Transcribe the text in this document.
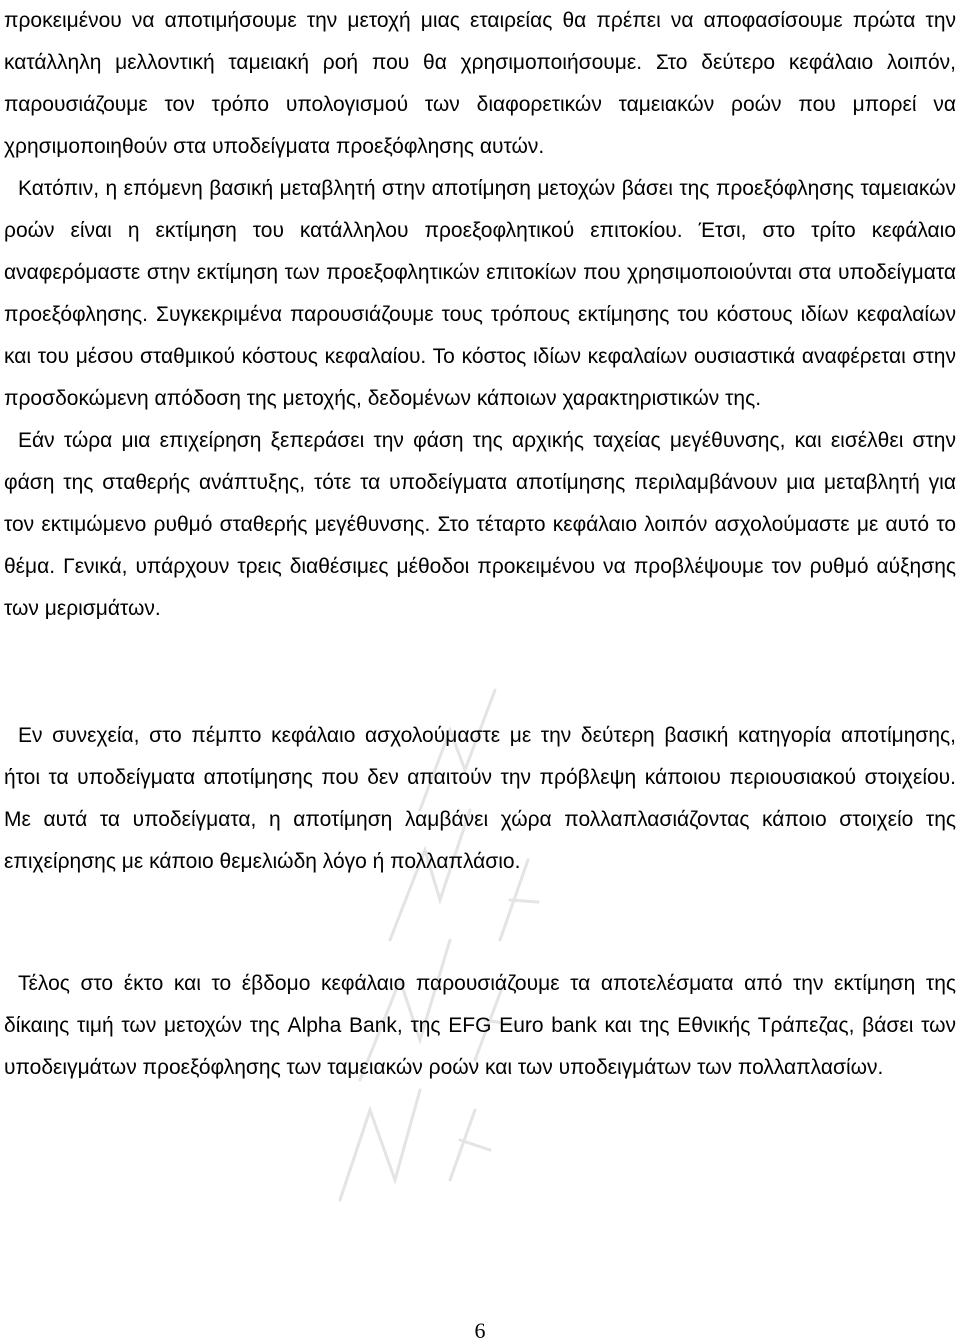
προκειμένου να αποτιμήσουμε την μετοχή μιας εταιρείας θα πρέπει να αποφασίσουμε πρώτα την κατάλληλη μελλοντική ταμειακή ροή που θα χρησιμοποιήσουμε. Στο δεύτερο κεφάλαιο λοιπόν, παρουσιάζουμε τον τρόπο υπολογισμού των διαφορετικών ταμειακών ροών που μπορεί να χρησιμοποιηθούν στα υποδείγματα προεξόφλησης αυτών.

Κατόπιν, η επόμενη βασική μεταβλητή στην αποτίμηση μετοχών βάσει της προεξόφλησης ταμειακών ροών είναι η εκτίμηση του κατάλληλου προεξοφλητικού επιτοκίου. Έτσι, στο τρίτο κεφάλαιο αναφερόμαστε στην εκτίμηση των προεξοφλητικών επιτοκίων που χρησιμοποιούνται στα υποδείγματα προεξόφλησης. Συγκεκριμένα παρουσιάζουμε τους τρόπους εκτίμησης του κόστους ιδίων κεφαλαίων και του μέσου σταθμικού κόστους κεφαλαίου. Το κόστος ιδίων κεφαλαίων ουσιαστικά αναφέρεται στην προσδοκώμενη απόδοση της μετοχής, δεδομένων κάποιων χαρακτηριστικών της.

Εάν τώρα μια επιχείρηση ξεπεράσει την φάση της αρχικής ταχείας μεγέθυνσης, και εισέλθει στην φάση της σταθερής ανάπτυξης, τότε τα υποδείγματα αποτίμησης περιλαμβάνουν μια μεταβλητή για τον εκτιμώμενο ρυθμό σταθερής μεγέθυνσης. Στο τέταρτο κεφάλαιο λοιπόν ασχολούμαστε με αυτό το θέμα. Γενικά, υπάρχουν τρεις διαθέσιμες μέθοδοι προκειμένου να προβλέψουμε τον ρυθμό αύξησης των μερισμάτων.

Εν συνεχεία, στο πέμπτο κεφάλαιο ασχολούμαστε με την δεύτερη βασική κατηγορία αποτίμησης, ήτοι τα υποδείγματα αποτίμησης που δεν απαιτούν την πρόβλεψη κάποιου περιουσιακού στοιχείου. Με αυτά τα υποδείγματα, η αποτίμηση λαμβάνει χώρα πολλαπλασιάζοντας κάποιο στοιχείο της επιχείρησης με κάποιο θεμελιώδη λόγο ή πολλαπλάσιο.

Τέλος στο έκτο και το έβδομο κεφάλαιο παρουσιάζουμε τα αποτελέσματα από την εκτίμηση της δίκαιης τιμή των μετοχών της Alpha Bank, της EFG Euro bank και της Εθνικής Τράπεζας, βάσει των υποδειγμάτων προεξόφλησης των ταμειακών ροών και των υποδειγμάτων των πολλαπλασίων.

6
